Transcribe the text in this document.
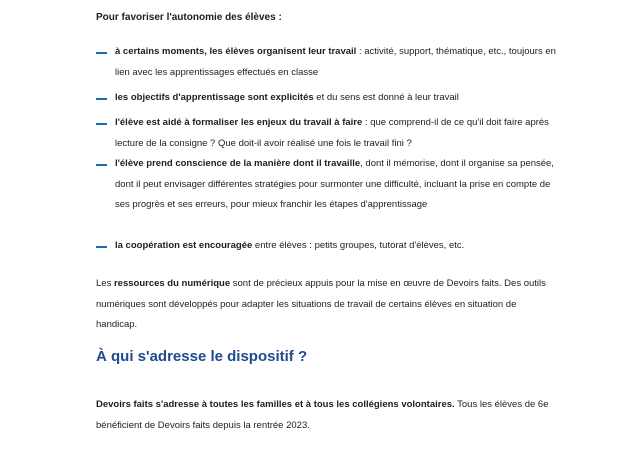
Pour favoriser l'autonomie des élèves :

à certains moments, les élèves organisent leur travail : activité, support, thématique, etc., toujours en lien avec les apprentissages effectués en classe
les objectifs d'apprentissage sont explicités et du sens est donné à leur travail
l'élève est aidé à formaliser les enjeux du travail à faire : que comprend-il de ce qu'il doit faire après lecture de la consigne ? Que doit-il avoir réalisé une fois le travail fini ?
l'élève prend conscience de la manière dont il travaille, dont il mémorise, dont il organise sa pensée, dont il peut envisager différentes stratégies pour surmonter une difficulté, incluant la prise en compte de ses progrès et ses erreurs, pour mieux franchir les étapes d'apprentissage
la coopération est encouragée entre élèves : petits groupes, tutorat d'élèves, etc.

Les ressources du numérique sont de précieux appuis pour la mise en œuvre de Devoirs faits. Des outils numériques sont développés pour adapter les situations de travail de certains élèves en situation de handicap.

À qui s'adresse le dispositif ?

Devoirs faits s'adresse à toutes les familles et à tous les collégiens volontaires. Tous les élèves de 6e bénéficient de Devoirs faits depuis la rentrée 2023.
